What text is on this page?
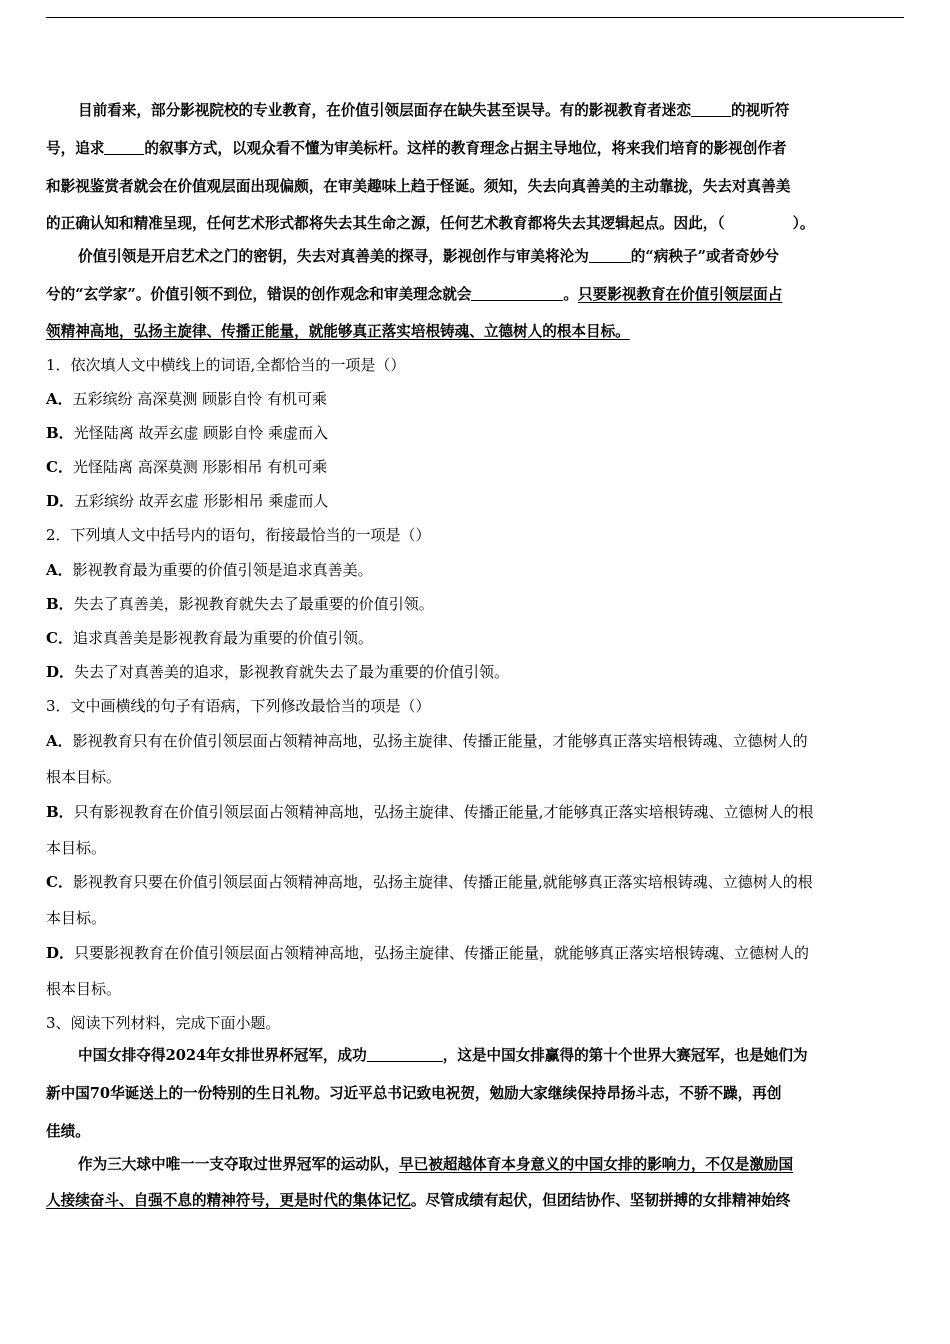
目前看来，部分影视院校的专业教育，在价值引领层面存在缺失甚至误导。有的影视教育者迷恋	的视听符
号，追求	的叙事方式，以观众看不懂为审美标杆。这样的教育理念占据主导地位，将来我们培育的影视创作者
和影视鉴赏者就会在价值观层面出现偏颇，在审美趣味上趋于怪诞。须知，失去向真善美的主动靠拢，失去对真善美
的正确认知和精准呈现，任何艺术形式都将失去其生命之源，任何艺术教育都将失去其逻辑起点。因此，（	）。
价值引领是开启艺术之门的密钥，失去对真善美的探寻，影视创作与审美将沦为	的“病秧子”或者奇妙兮
兮的“玄学家”。价值引领不到位，错误的创作观念和审美理念就会	。只要影视教育在价值引领层面占
领精神高地，弘扬主旋律、传播正能量，就能够真正落实培根铸魂、立德树人的根本目标。
1．依次填人文中横线上的词语,全都恰当的一项是（）
A．五彩缤纷 高深莫测 顾影自怜 有机可乘
B．光怪陆离 故弄玄虚 顾影自怜 乘虚而入
C．光怪陆离 高深莫测 形影相吊 有机可乘
D．五彩缤纷 故弄玄虚 形影相吊 乘虚而人
2．下列填人文中括号内的语句，衔接最恰当的一项是（）
A．影视教育最为重要的价值引领是追求真善美。
B．失去了真善美，影视教育就失去了最重要的价值引领。
C．追求真善美是影视教育最为重要的价值引领。
D．失去了对真善美的追求，影视教育就失去了最为重要的价值引领。
3．文中画横线的句子有语病，下列修改最恰当的项是（）
A．影视教育只有在价值引领层面占领精神高地，弘扬主旋律、传播正能量，才能够真正落实培根铸魂、立德树人的
根本目标。
B．只有影视教育在价值引领层面占领精神高地，弘扬主旋律、传播正能量,才能够真正落实培根铸魂、立德树人的根
本目标。
C．影视教育只要在价值引领层面占领精神高地，弘扬主旋律、传播正能量,就能够真正落实培根铸魂、立德树人的根
本目标。
D．只要影视教育在价值引领层面占领精神高地，弘扬主旋律、传播正能量，就能够真正落实培根铸魂、立德树人的
根本目标。
3、阅读下列材料，完成下面小题。
中国女排夺得2024年女排世界杯冠军，成功	，这是中国女排赢得的第十个世界大赛冠军，也是她们为
新中国70华诞送上的一份特别的生日礼物。习近平总书记致电祝贺，勉励大家继续保持昂扬斗志，不骄不躁，再创
佳绩。
作为三大球中唯一一支夺取过世界冠军的运动队，早已被超越体育本身意义的中国女排的影响力，不仅是激励国
人接续奋斗、自强不息的精神符号，更是时代的集体记忆。尽管成绩有起伏，但团结协作、坚韧拼搏的女排精神始终
